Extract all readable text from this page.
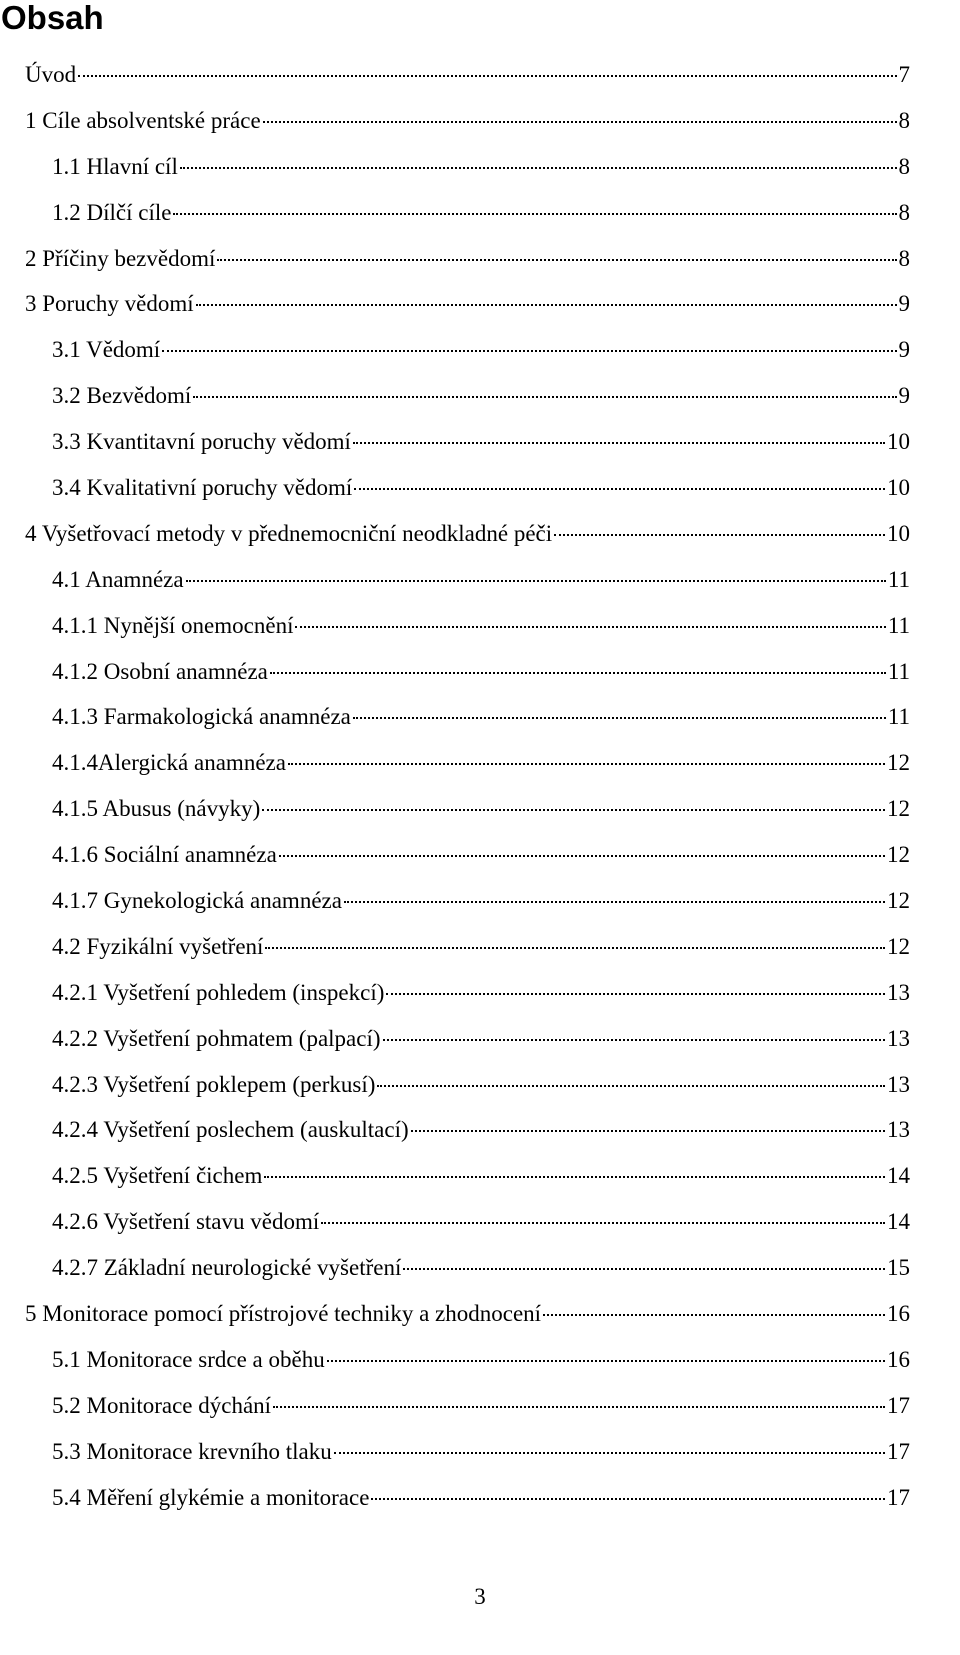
Obsah
Úvod	7
1 Cíle absolventské práce	8
1.1 Hlavní cíl	8
1.2 Dílčí cíle	8
2 Příčiny bezvědomí	8
3 Poruchy vědomí	9
3.1 Vědomí	9
3.2 Bezvědomí	9
3.3 Kvantitavní poruchy vědomí	10
3.4 Kvalitativní poruchy vědomí	10
4 Vyšetřovací metody v přednemocniční neodkladné péči	10
4.1 Anamnéza	11
4.1.1 Nynější onemocnění	11
4.1.2 Osobní anamnéza	11
4.1.3 Farmakologická anamnéza	11
4.1.4Alergická anamnéza	12
4.1.5 Abusus (návyky)	12
4.1.6 Sociální anamnéza	12
4.1.7 Gynekologická anamnéza	12
4.2 Fyzikální vyšetření	12
4.2.1 Vyšetření pohledem (inspekcí)	13
4.2.2 Vyšetření pohmatem (palpací)	13
4.2.3 Vyšetření poklepem (perkusí)	13
4.2.4 Vyšetření poslechem (auskultací)	13
4.2.5 Vyšetření čichem	14
4.2.6 Vyšetření stavu vědomí	14
4.2.7 Základní neurologické vyšetření	15
5 Monitorace pomocí přístrojové techniky a zhodnocení	16
5.1 Monitorace srdce a oběhu	16
5.2 Monitorace dýchání	17
5.3 Monitorace krevního tlaku	17
5.4 Měření glykémie a monitorace	17
3
